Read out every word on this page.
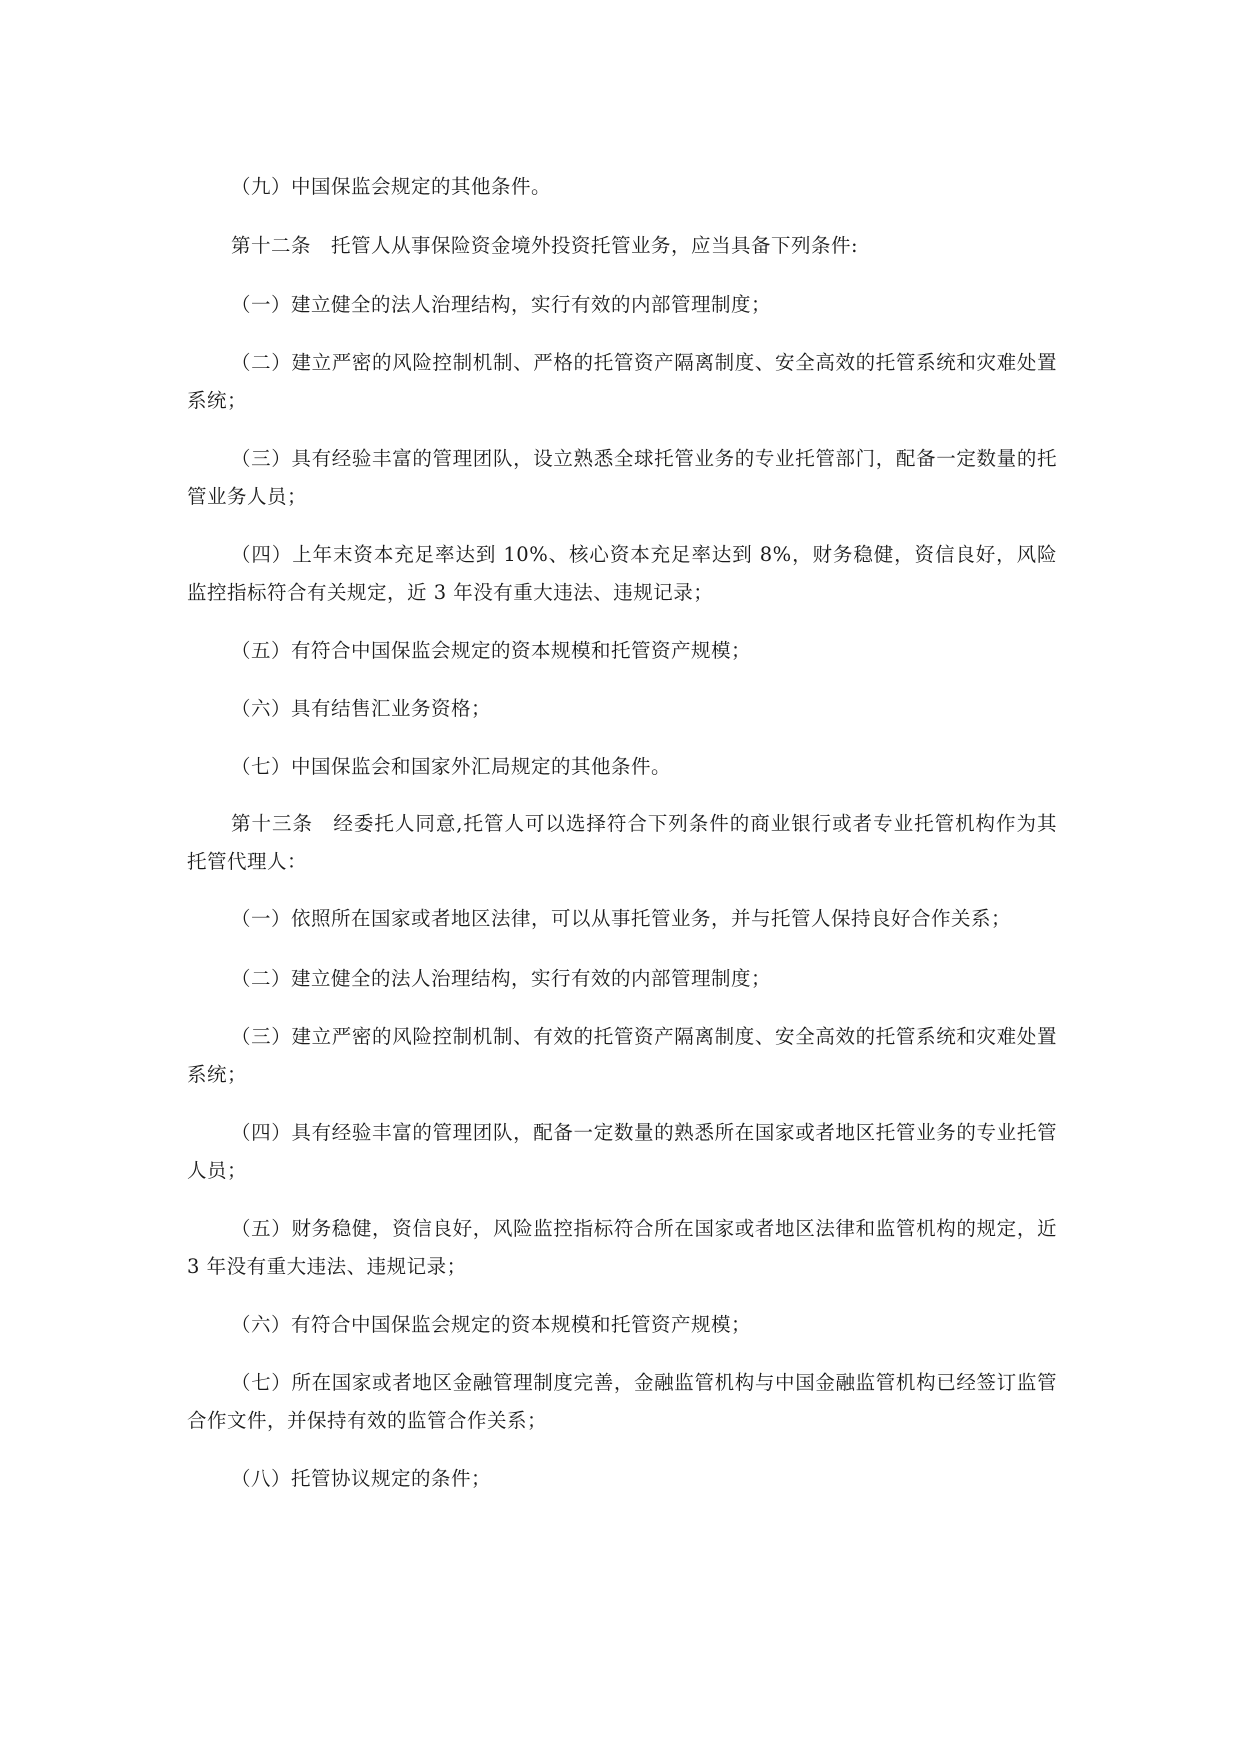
（九）中国保监会规定的其他条件。

第十二条　托管人从事保险资金境外投资托管业务，应当具备下列条件:

（一）建立健全的法人治理结构，实行有效的内部管理制度；

（二）建立严密的风险控制机制、严格的托管资产隔离制度、安全高效的托管系统和灾难处置系统；

（三）具有经验丰富的管理团队，设立熟悉全球托管业务的专业托管部门，配备一定数量的托管业务人员；

（四）上年末资本充足率达到 10%、核心资本充足率达到 8%，财务稳健，资信良好，风险监控指标符合有关规定，近 3 年没有重大违法、违规记录；

（五）有符合中国保监会规定的资本规模和托管资产规模；

（六）具有结售汇业务资格；

（七）中国保监会和国家外汇局规定的其他条件。

第十三条　经委托人同意,托管人可以选择符合下列条件的商业银行或者专业托管机构作为其托管代理人：

（一）依照所在国家或者地区法律，可以从事托管业务，并与托管人保持良好合作关系；

（二）建立健全的法人治理结构，实行有效的内部管理制度；

（三）建立严密的风险控制机制、有效的托管资产隔离制度、安全高效的托管系统和灾难处置系统；

（四）具有经验丰富的管理团队，配备一定数量的熟悉所在国家或者地区托管业务的专业托管人员；

（五）财务稳健，资信良好，风险监控指标符合所在国家或者地区法律和监管机构的规定，近 3 年没有重大违法、违规记录；

（六）有符合中国保监会规定的资本规模和托管资产规模；

（七）所在国家或者地区金融管理制度完善，金融监管机构与中国金融监管机构已经签订监管合作文件，并保持有效的监管合作关系；

（八）托管协议规定的条件；
